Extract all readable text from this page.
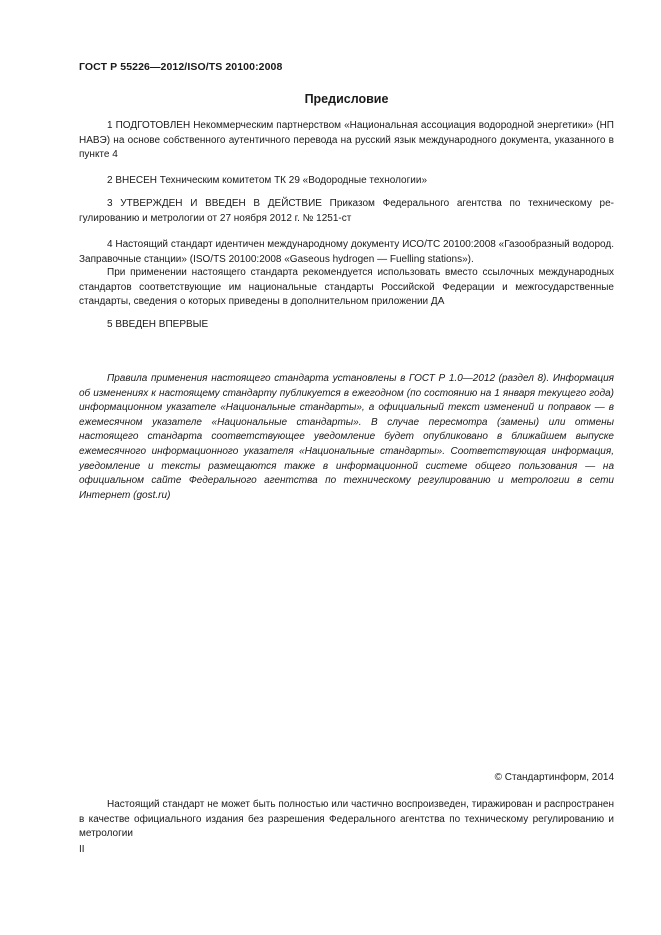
ГОСТ Р 55226—2012/ISO/TS 20100:2008
Предисловие
1 ПОДГОТОВЛЕН Некоммерческим партнерством «Национальная ассоциация водородной энергетики» (НП НАВЭ) на основе собственного аутентичного перевода на русский язык международного документа, указанного в пункте 4
2 ВНЕСЕН Техническим комитетом ТК 29 «Водородные технологии»
3 УТВЕРЖДЕН И ВВЕДЕН В ДЕЙСТВИЕ Приказом Федерального агентства по техническому регулированию и метрологии от 27 ноября 2012 г. № 1251-ст
4 Настоящий стандарт идентичен международному документу ИСО/ТС 20100:2008 «Газообразный водород. Заправочные станции» (ISO/TS 20100:2008 «Gaseous hydrogen — Fuelling stations»).
При применении настоящего стандарта рекомендуется использовать вместо ссылочных международных стандартов соответствующие им национальные стандарты Российской Федерации и межгосударственные стандарты, сведения о которых приведены в дополнительном приложении ДА
5 ВВЕДЕН ВПЕРВЫЕ
Правила применения настоящего стандарта установлены в ГОСТ Р 1.0—2012 (раздел 8). Информация об изменениях к настоящему стандарту публикуется в ежегодном (по состоянию на 1 января текущего года) информационном указателе «Национальные стандарты», а официальный текст изменений и поправок — в ежемесячном указателе «Национальные стандарты». В случае пересмотра (замены) или отмены настоящего стандарта соответствующее уведомление будет опубликовано в ближайшем выпуске ежемесячного информационного указателя «Национальные стандарты». Соответствующая информация, уведомление и тексты размещаются также в информационной системе общего пользования — на официальном сайте Федерального агентства по техническому регулированию и метрологии в сети Интернет (gost.ru)
© Стандартинформ, 2014
Настоящий стандарт не может быть полностью или частично воспроизведен, тиражирован и распространен в качестве официального издания без разрешения Федерального агентства по техническому регулированию и метрологии
II
